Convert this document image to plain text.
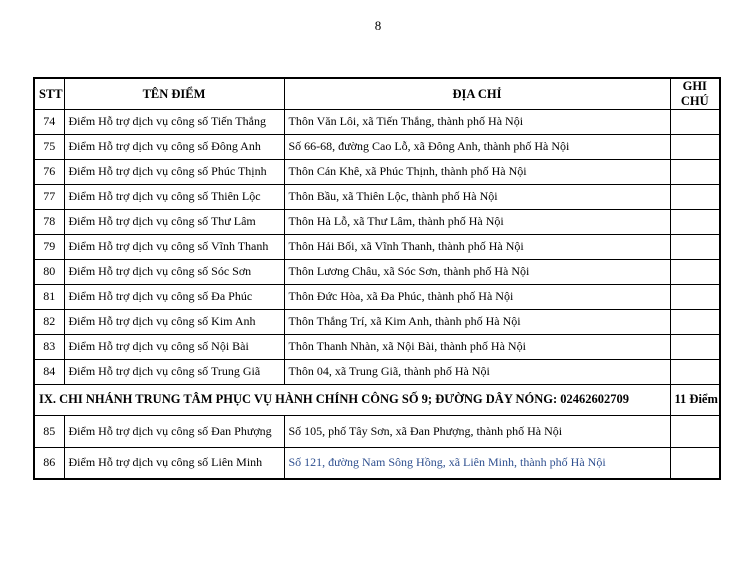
8
STT	TÊN ĐIỂM	ĐỊA CHỈ	GHI CHÚ
74	Điểm Hỗ trợ dịch vụ công số Tiến Thắng	Thôn Văn Lôi, xã Tiến Thắng, thành phố Hà Nội	
75	Điểm Hỗ trợ dịch vụ công số Đông Anh	Số 66-68, đường Cao Lỗ, xã Đông Anh, thành phố Hà Nội	
76	Điểm Hỗ trợ dịch vụ công số Phúc Thịnh	Thôn Cán Khê, xã Phúc Thịnh, thành phố Hà Nội	
77	Điểm Hỗ trợ dịch vụ công số Thiên Lộc	Thôn Bầu, xã Thiên Lộc, thành phố Hà Nội	
78	Điểm Hỗ trợ dịch vụ công số Thư Lâm	Thôn Hà Lỗ, xã Thư Lâm, thành phố Hà Nội	
79	Điểm Hỗ trợ dịch vụ công số Vĩnh Thanh	Thôn Hải Bối, xã Vĩnh Thanh, thành phố Hà Nội	
80	Điểm Hỗ trợ dịch vụ công số Sóc Sơn	Thôn Lương Châu, xã Sóc Sơn, thành phố Hà Nội	
81	Điểm Hỗ trợ dịch vụ công số Đa Phúc	Thôn Đức Hòa, xã Đa Phúc, thành phố Hà Nội	
82	Điểm Hỗ trợ dịch vụ công số Kim Anh	Thôn Thắng Trí, xã Kim Anh, thành phố Hà Nội	
83	Điểm Hỗ trợ dịch vụ công số Nội Bài	Thôn Thanh Nhàn, xã Nội Bài, thành phố Hà Nội	
84	Điểm Hỗ trợ dịch vụ công số Trung Giã	Thôn 04, xã Trung Giã, thành phố Hà Nội	
IX. CHI NHÁNH TRUNG TÂM PHỤC VỤ HÀNH CHÍNH CÔNG SỐ 9; ĐƯỜNG DÂY NÓNG: 02462602709			11 Điểm
85	Điểm Hỗ trợ dịch vụ công số Đan Phượng	Số 105, phố Tây Sơn, xã Đan Phượng, thành phố Hà Nội	
86	Điểm Hỗ trợ dịch vụ công số Liên Minh	Số 121, đường Nam Sông Hồng, xã Liên Minh, thành phố Hà Nội	
